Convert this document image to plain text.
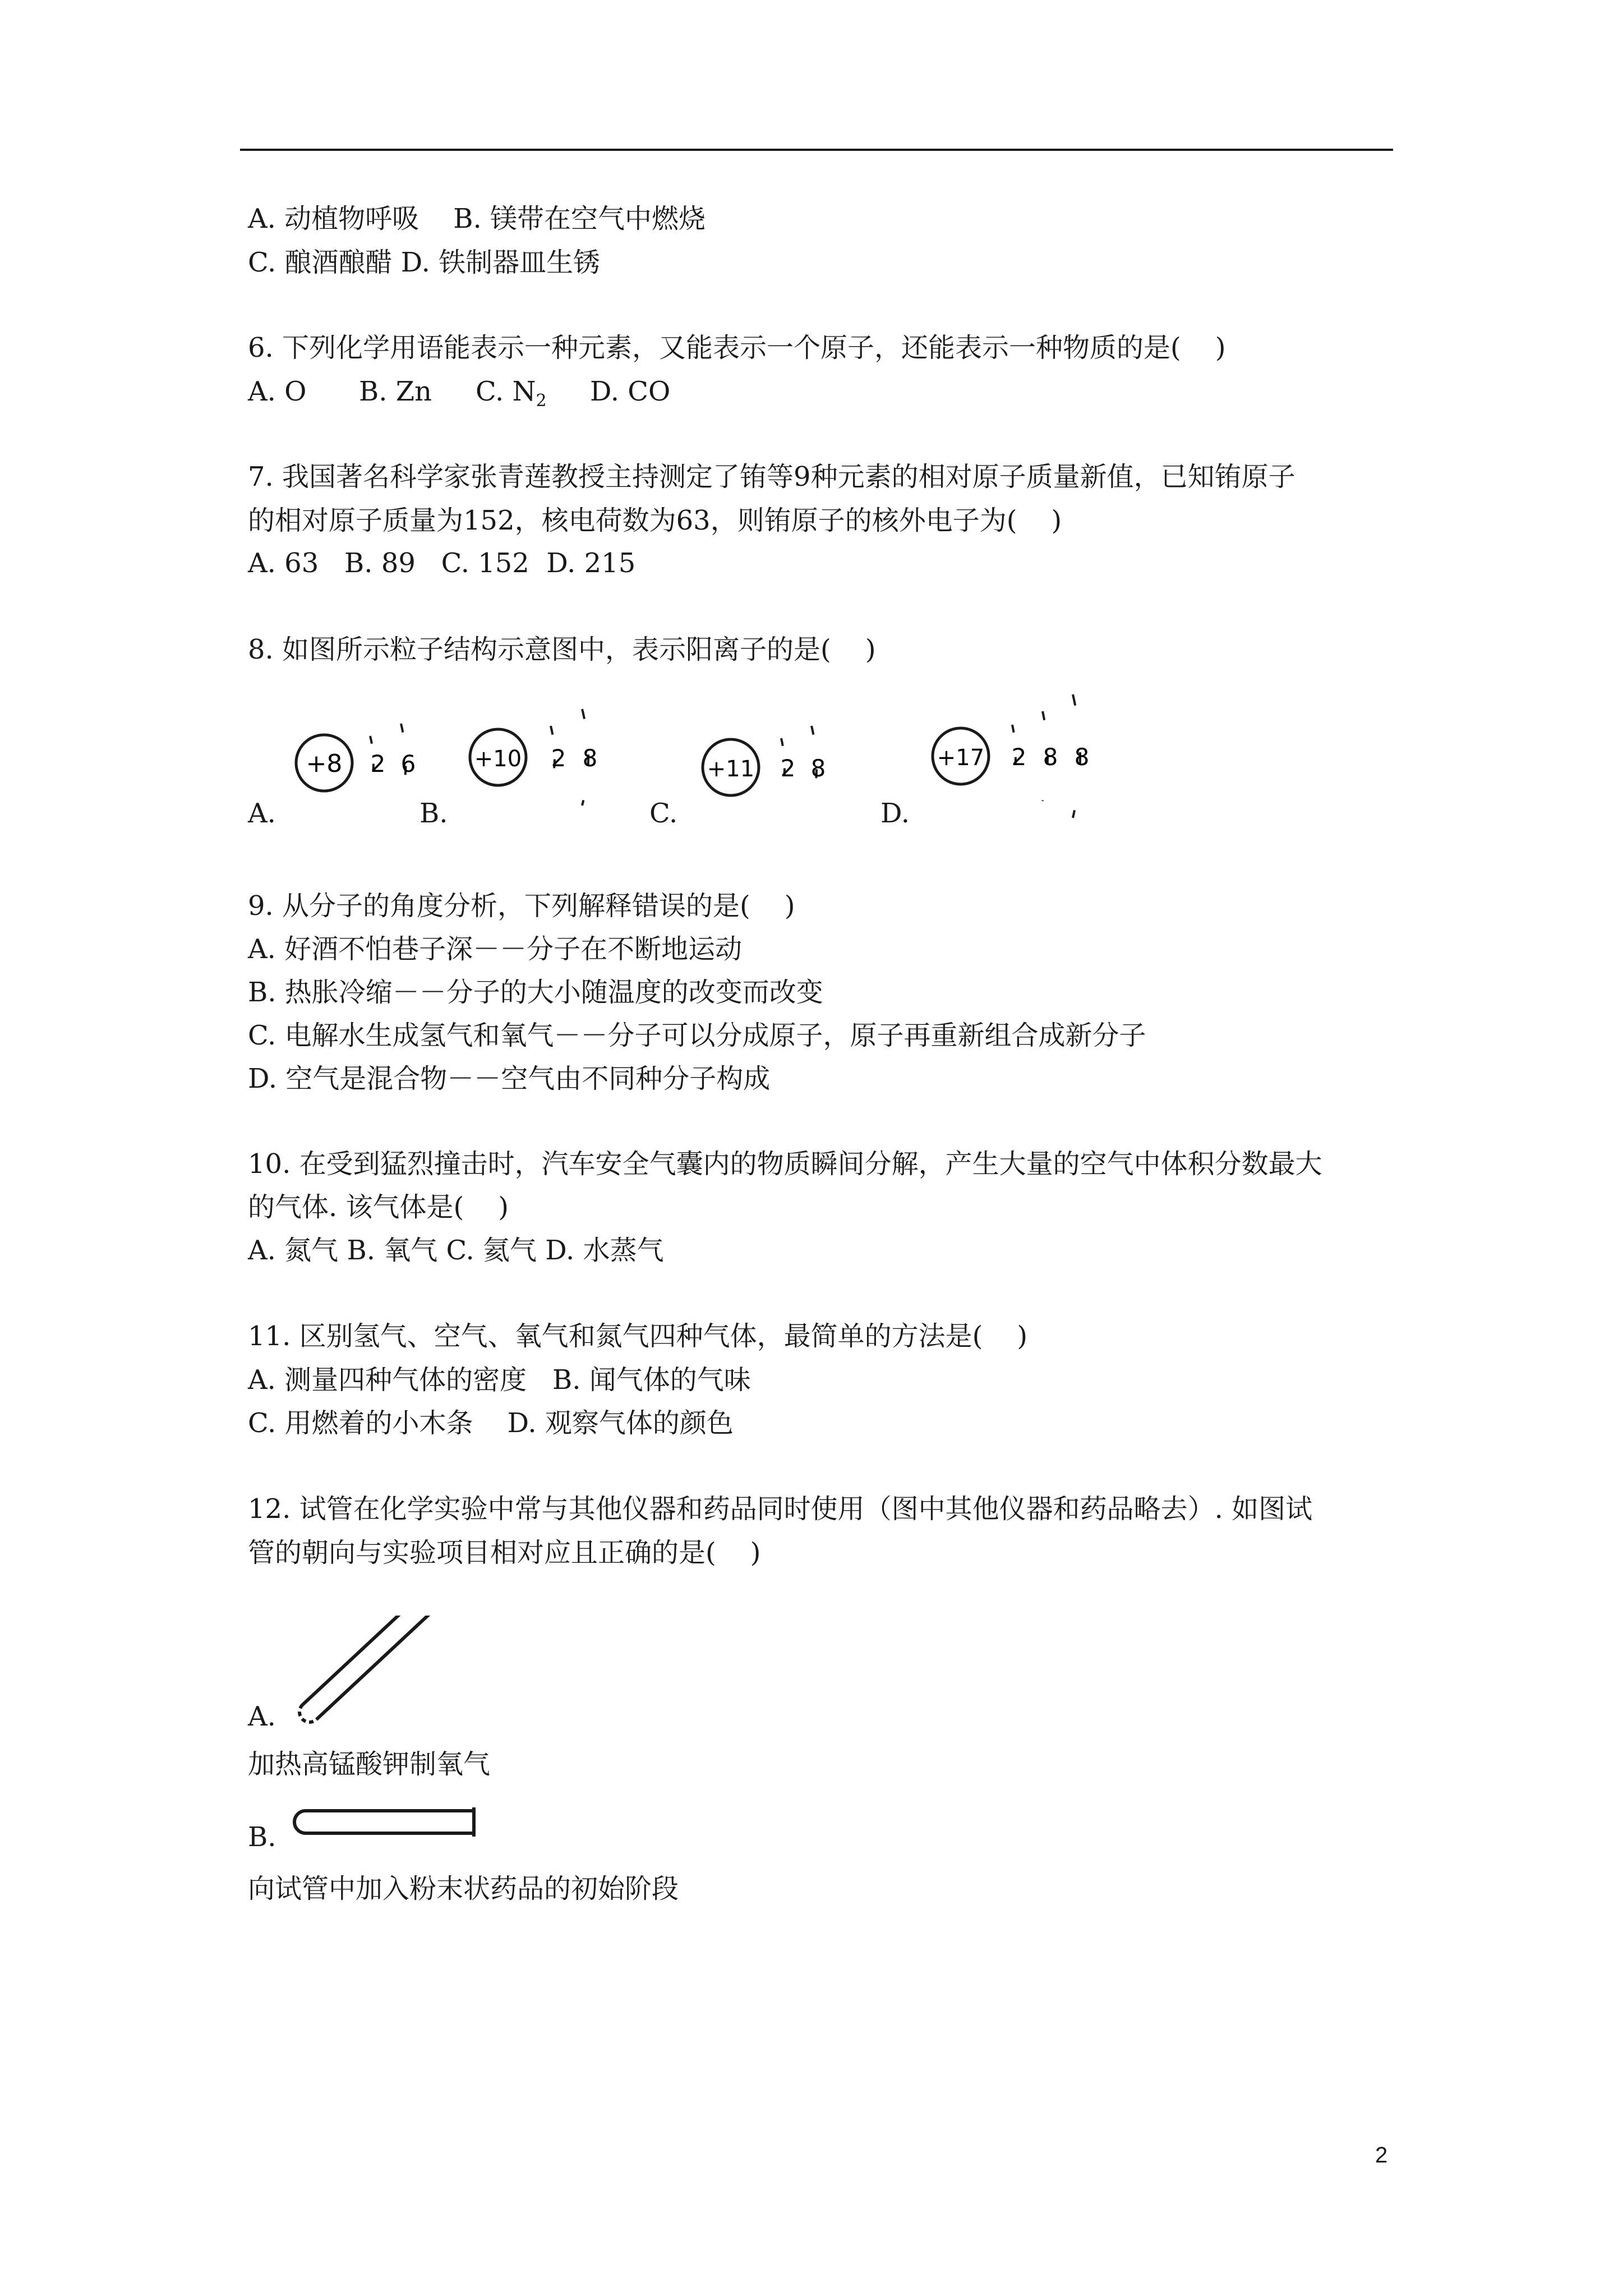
A. 动植物呼吸    B. 镁带在空气中燃烧
C. 酿酒酿醋 D. 铁制器皿生锈
6. 下列化学用语能表示一种元素，又能表示一个原子，还能表示一种物质的是(    )
A. O B. Zn C. $N_2$ D. CO
7. 我国著名科学家张青莲教授主持测定了铕等9种元素的相对原子质量新值，已知铕原子
的相对原子质量为152，核电荷数为63，则铕原子的核外电子为(    )
A. 63   B. 89   C. 152  D. 215
8. 如图所示粒子结构示意图中，表示阳离子的是(    )
A.	B.	C.	D.
+8 2 6	+10 2 8	+11 2 8	+17 2 8 8
9. 从分子的角度分析，下列解释错误的是(    )
A. 好酒不怕巷子深－－分子在不断地运动
B. 热胀冷缩－－分子的大小随温度的改变而改变
C. 电解水生成氢气和氧气－－分子可以分成原子，原子再重新组合成新分子
D. 空气是混合物－－空气由不同种分子构成
10. 在受到猛烈撞击时，汽车安全气囊内的物质瞬间分解，产生大量的空气中体积分数最大
的气体. 该气体是(    )
A. 氮气 B. 氧气 C. 氦气 D. 水蒸气
11. 区别氢气、空气、氧气和氮气四种气体，最简单的方法是(    )
A. 测量四种气体的密度   B. 闻气体的气味
C. 用燃着的小木条    D. 观察气体的颜色
12. 试管在化学实验中常与其他仪器和药品同时使用（图中其他仪器和药品略去）. 如图试
管的朝向与实验项目相对应且正确的是(    )
A.
加热高锰酸钾制氧气
B.
向试管中加入粉末状药品的初始阶段
2
